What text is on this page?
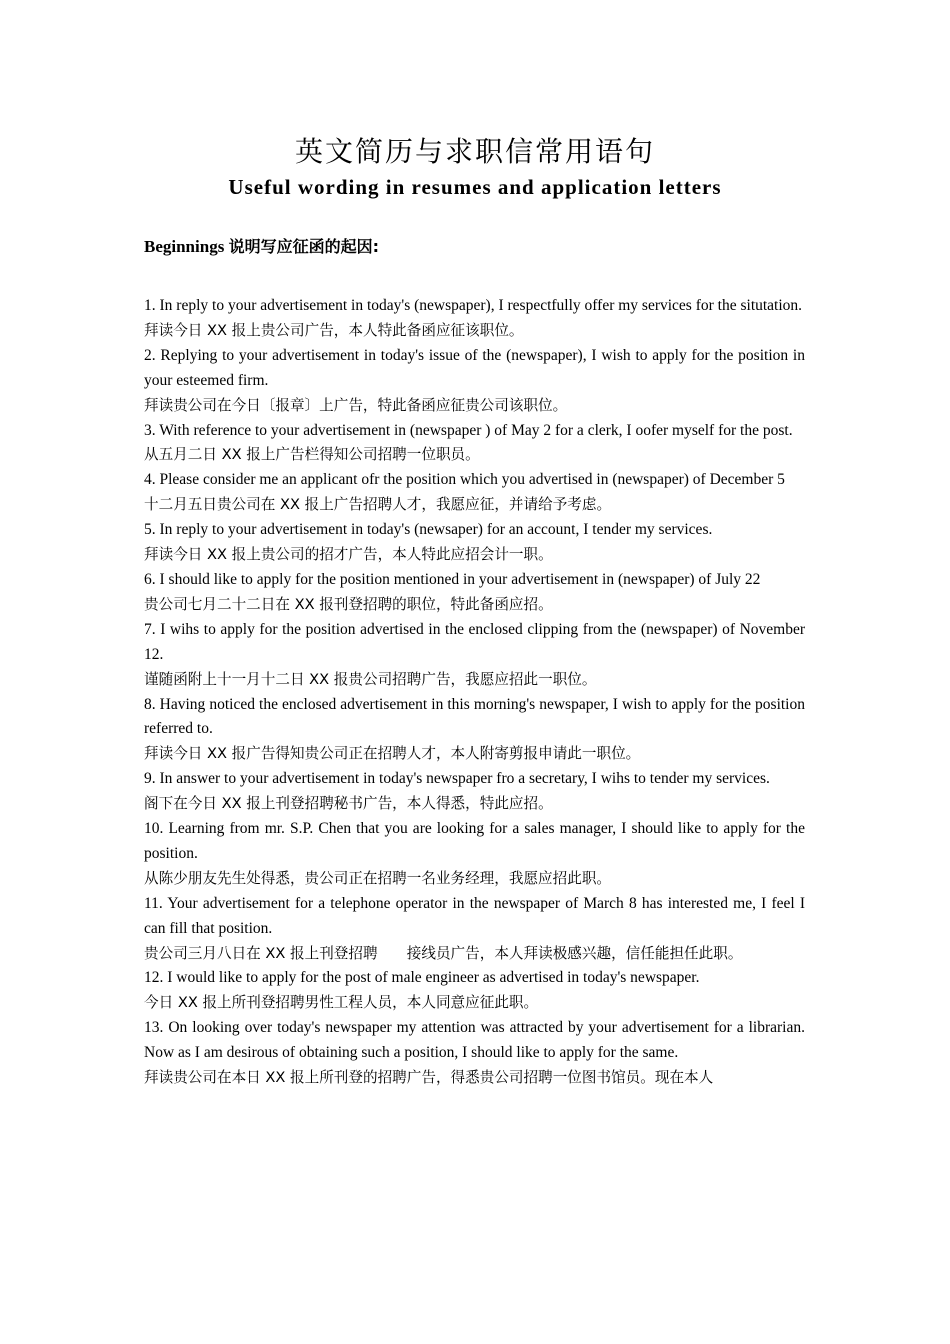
英文简历与求职信常用语句
Useful wording in resumes and application letters
Beginnings 说明写应征函的起因:

1. In reply to your advertisement in today's (newspaper), I respectfully offer my services for the situtation.

拜读今日 XX 报上贵公司广告，本人特此备函应征该职位。

2. Replying to your advertisement in today's issue of the (newspaper), I wish to apply for the position in your esteemed firm.

拜读贵公司在今日〔报章〕上广告，特此备函应征贵公司该职位。

3. With reference to your advertisement in (newspaper ) of May 2 for a clerk, I oofer myself for the post.

从五月二日 XX 报上广告栏得知公司招聘一位职员。

4. Please consider me an applicant ofr the position which you advertised in (newspaper) of December 5

十二月五日贵公司在 XX 报上广告招聘人才，我愿应征，并请给予考虑。

5. In reply to your advertisement in today's (newsaper) for an account, I tender my services.

拜读今日 XX 报上贵公司的招才广告，本人特此应招会计一职。

6. I should like to apply for the position mentioned in your advertisement in (newspaper) of July 22

贵公司七月二十二日在 XX 报刊登招聘的职位，特此备函应招。

7. I wihs to apply for the position advertised in the enclosed clipping from the (newspaper) of November 12.

谨随函附上十一月十二日 XX 报贵公司招聘广告，我愿应招此一职位。

8. Having noticed the enclosed advertisement in this morning's newspaper, I wish to apply for the position referred to.

拜读今日 XX 报广告得知贵公司正在招聘人才，本人附寄剪报申请此一职位。

9. In answer to your advertisement in today's newspaper fro a secretary, I wihs to tender my services.

阁下在今日 XX 报上刊登招聘秘书广告，本人得悉，特此应招。

10. Learning from mr. S.P. Chen that you are looking for a sales manager, I should like to apply for the position.

从陈少朋友先生处得悉，贵公司正在招聘一名业务经理，我愿应招此职。

11. Your advertisement for a telephone operator in the newspaper of March 8 has interested me, I feel I can fill that position.

贵公司三月八日在 XX 报上刊登招聘　　接线员广告，本人拜读极感兴趣，信任能担任此职。

12. I would like to apply for the post of male engineer as advertised in today's newspaper.

今日 XX 报上所刊登招聘男性工程人员，本人同意应征此职。

13. On looking over today's newspaper my attention was attracted by your advertisement for a librarian. Now as I am desirous of obtaining such a position, I should like to apply for the same.

拜读贵公司在本日 XX 报上所刊登的招聘广告，得悉贵公司招聘一位图书馆员。现在本人
